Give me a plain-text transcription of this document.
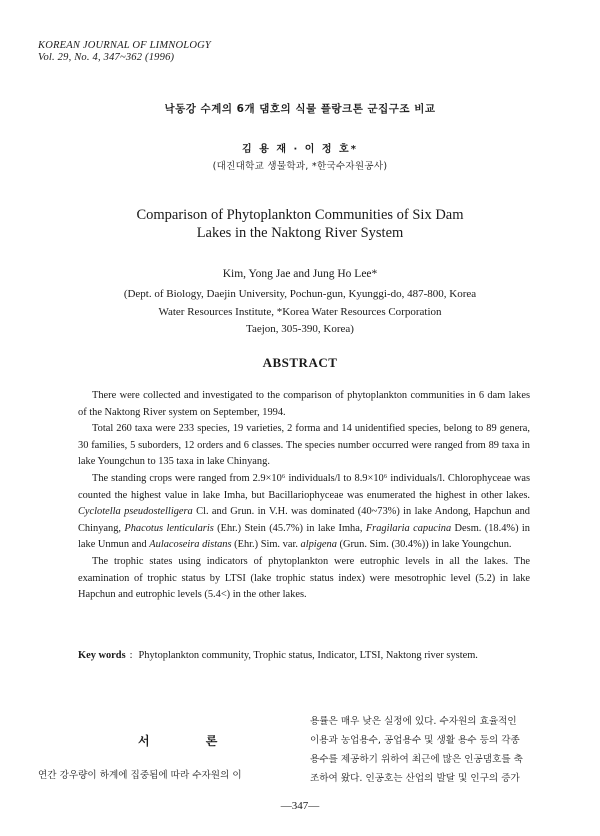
KOREAN JOURNAL OF LIMNOLOGY
Vol. 29, No. 4, 347~362 (1996)
낙동강 수계의 6개 댐호의 식물 플랑크톤 군집구조 비교
김 용 재 · 이 정 호*
(대진대학교 생물학과, *한국수자원공사)
Comparison of Phytoplankton Communities of Six Dam
Lakes in the Naktong River System
Kim, Yong Jae and Jung Ho Lee*
(Dept. of Biology, Daejin University, Pochun-gun, Kyunggi-do, 487-800, Korea
Water Resources Institute, *Korea Water Resources Corporation
Taejon, 305-390, Korea)
ABSTRACT

There were collected and investigated to the comparison of phytoplankton communities in 6 dam lakes of the Naktong River system on September, 1994.

Total 260 taxa were 233 species, 19 varieties, 2 forma and 14 unidentified species, belong to 89 genera, 30 families, 5 suborders, 12 orders and 6 classes. The species number occurred were ranged from 89 taxa in lake Youngchun to 135 taxa in lake Chinyang.

The standing crops were ranged from 2.9×10⁶ individuals/l to 8.9×10⁶ individuals/l. Chlorophyceae was counted the highest value in lake Imha, but Bacillariophyceae was enumerated the highest in other lakes. Cyclotella pseudostelligera Cl. and Grun. in V.H. was dominated (40~73%) in lake Andong, Hapchun and Chinyang, Phacotus lenticularis (Ehr.) Stein (45.7%) in lake Imha, Fragilaria capucina Desm. (18.4%) in lake Unmun and Aulacoseira distans (Ehr.) Sim. var. alpigena (Grun. Sim. (30.4%)) in lake Youngchun.

The trophic states using indicators of phytoplankton were eutrophic levels in all the lakes. The examination of trophic status by LTSI (lake trophic status index) were mesotrophic level (5.2) in lake Hapchun and eutrophic levels (5.4<) in the other lakes.

Key words : Phytoplankton community, Trophic status, Indicator, LTSI, Naktong river system.
서 론
연간 강우량이 하계에 집중됨에 따라 수자원의 이
용률은 매우 낮은 실정에 있다. 수자원의 효율적인
이용과 농업용수, 공업용수 및 생활 용수 등의 각종
용수를 제공하기 위하여 최근에 많은 인공댐호를 축
조하여 왔다. 인공호는 산업의 발달 및 인구의 증가
—347—
